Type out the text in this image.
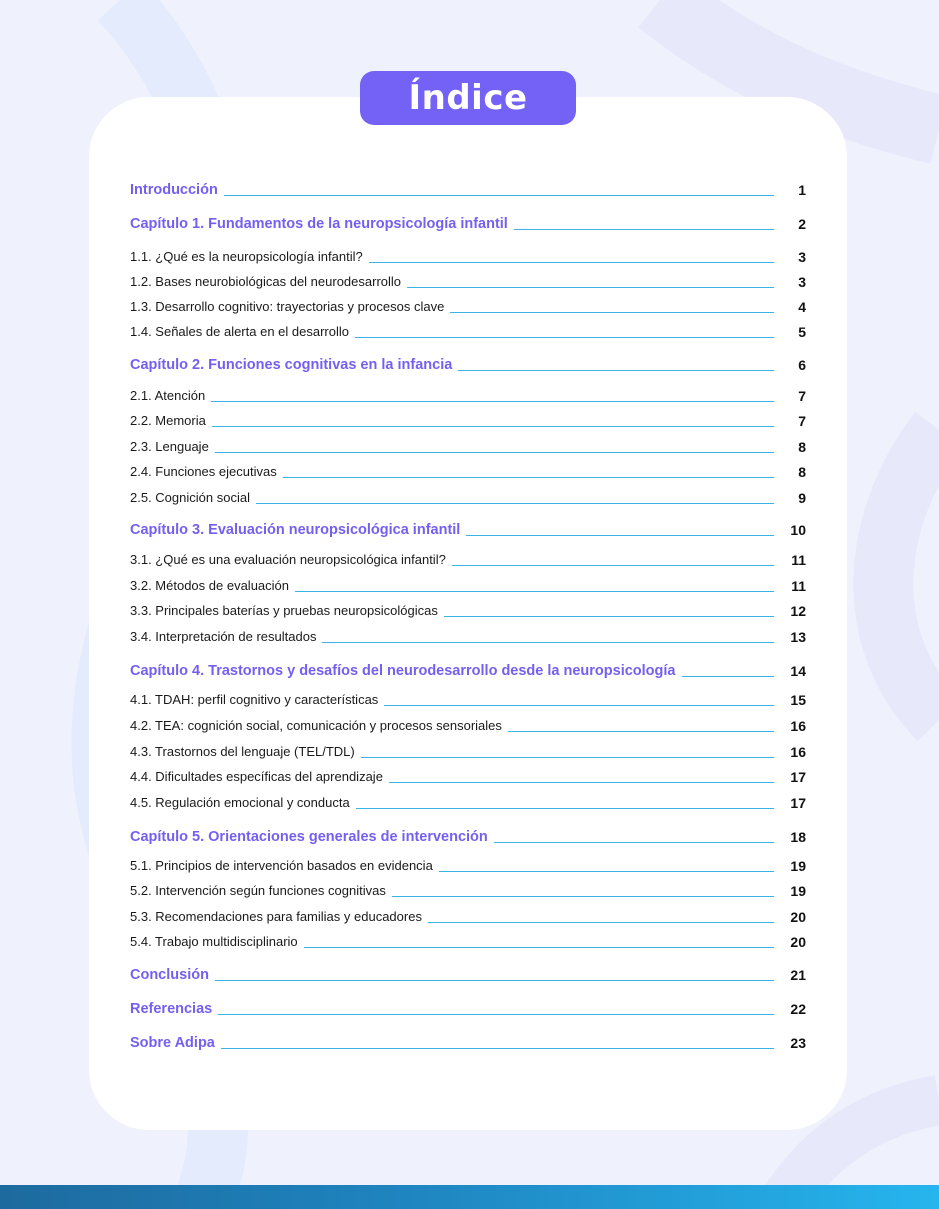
Índice
Introducción	1
Capítulo 1. Fundamentos de la neuropsicología infantil	2
1.1. ¿Qué es la neuropsicología infantil?	3
1.2. Bases neurobiológicas del neurodesarrollo	3
1.3. Desarrollo cognitivo: trayectorias y procesos clave	4
1.4. Señales de alerta en el desarrollo	5
Capítulo 2. Funciones cognitivas en la infancia	6
2.1. Atención	7
2.2. Memoria	7
2.3. Lenguaje	8
2.4. Funciones ejecutivas	8
2.5. Cognición social	9
Capítulo 3. Evaluación neuropsicológica infantil	10
3.1. ¿Qué es una evaluación neuropsicológica infantil?	11
3.2. Métodos de evaluación	11
3.3. Principales baterías y pruebas neuropsicológicas	12
3.4. Interpretación de resultados	13
Capítulo 4. Trastornos y desafíos del neurodesarrollo desde la neuropsicología	14
4.1. TDAH: perfil cognitivo y características	15
4.2. TEA: cognición social, comunicación y procesos sensoriales	16
4.3. Trastornos del lenguaje (TEL/TDL)	16
4.4. Dificultades específicas del aprendizaje	17
4.5. Regulación emocional y conducta	17
Capítulo 5. Orientaciones generales de intervención	18
5.1. Principios de intervención basados en evidencia	19
5.2. Intervención según funciones cognitivas	19
5.3. Recomendaciones para familias y educadores	20
5.4. Trabajo multidisciplinario	20
Conclusión	21
Referencias	22
Sobre Adipa	23
